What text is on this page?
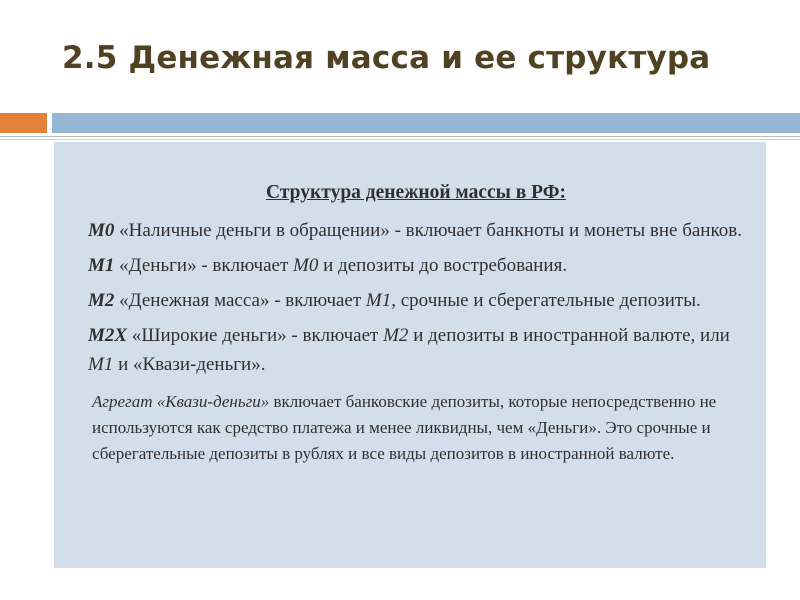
2.5 Денежная масса и ее структура
Структура денежной массы в РФ:
М0 «Наличные деньги в обращении» - включает банкноты и монеты вне банков.
М1 «Деньги» - включает М0 и депозиты до востребования.
М2 «Денежная масса» - включает М1, срочные и сберегательные депозиты.
М2Х «Широкие деньги» - включает М2 и депозиты в иностранной валюте, или М1 и «Квази-деньги».
Агрегат «Квази-деньги» включает банковские депозиты, которые непосредственно не используются как средство платежа и менее ликвидны, чем «Деньги». Это срочные и сберегательные депозиты в рублях и все виды депозитов в иностранной валюте.
